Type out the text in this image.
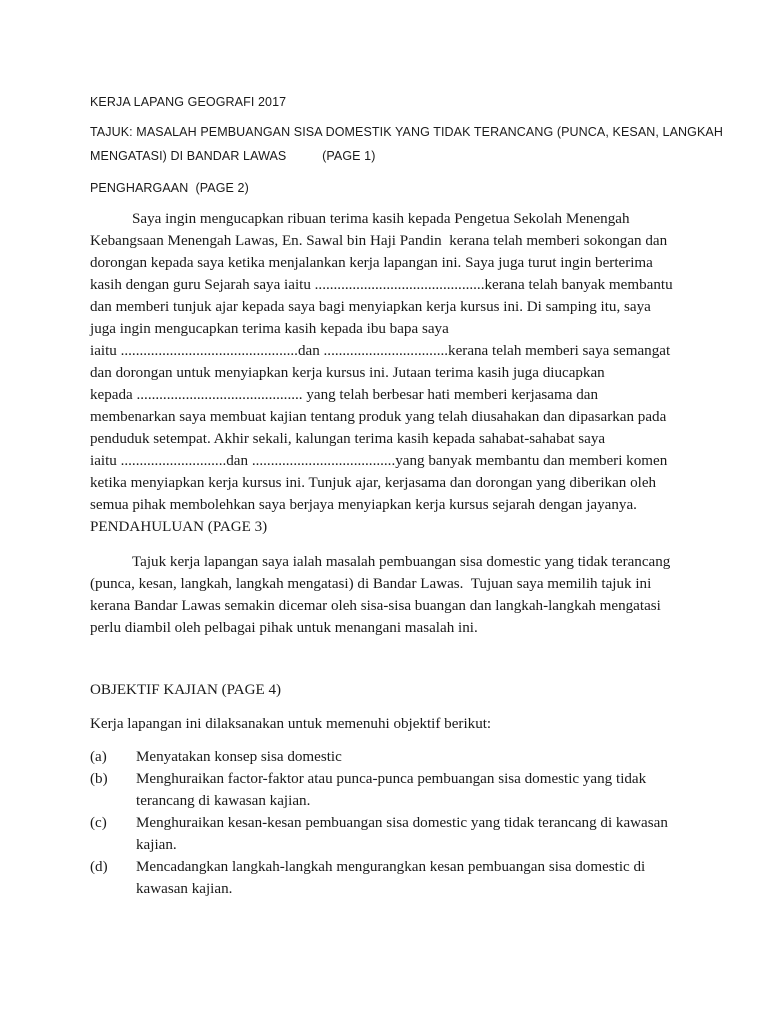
KERJA LAPANG GEOGRAFI 2017
TAJUK: MASALAH PEMBUANGAN SISA DOMESTIK YANG TIDAK TERANCANG (PUNCA, KESAN, LANGKAH
MENGATASI) DI BANDAR LAWAS          (PAGE 1)
PENGHARGAAN  (PAGE 2)
Saya ingin mengucapkan ribuan terima kasih kepada Pengetua Sekolah Menengah
Kebangsaan Menengah Lawas, En. Sawal bin Haji Pandin  kerana telah memberi sokongan dan
dorongan kepada saya ketika menjalankan kerja lapangan ini. Saya juga turut ingin berterima
kasih dengan guru Sejarah saya iaitu .............................................kerana telah banyak membantu
dan memberi tunjuk ajar kepada saya bagi menyiapkan kerja kursus ini. Di samping itu, saya
juga ingin mengucapkan terima kasih kepada ibu bapa saya
iaitu ...............................................dan .................................kerana telah memberi saya semangat
dan dorongan untuk menyiapkan kerja kursus ini. Jutaan terima kasih juga diucapkan
kepada ............................................ yang telah berbesar hati memberi kerjasama dan
membenarkan saya membuat kajian tentang produk yang telah diusahakan dan dipasarkan pada
penduduk setempat. Akhir sekali, kalungan terima kasih kepada sahabat-sahabat saya
iaitu ............................dan ......................................yang banyak membantu dan memberi komen
ketika menyiapkan kerja kursus ini. Tunjuk ajar, kerjasama dan dorongan yang diberikan oleh
semua pihak membolehkan saya berjaya menyiapkan kerja kursus sejarah dengan jayanya.
PENDAHULUAN (PAGE 3)
Tajuk kerja lapangan saya ialah masalah pembuangan sisa domestic yang tidak terancang
(punca, kesan, langkah, langkah mengatasi) di Bandar Lawas.  Tujuan saya memilih tajuk ini
kerana Bandar Lawas semakin dicemar oleh sisa-sisa buangan dan langkah-langkah mengatasi
perlu diambil oleh pelbagai pihak untuk menangani masalah ini.
OBJEKTIF KAJIAN (PAGE 4)
Kerja lapangan ini dilaksanakan untuk memenuhi objektif berikut:
(a) Menyatakan konsep sisa domestic
(b) Menghuraikan factor-faktor atau punca-punca pembuangan sisa domestic yang tidak
terancang di kawasan kajian.
(c) Menghuraikan kesan-kesan pembuangan sisa domestic yang tidak terancang di kawasan
kajian.
(d) Mencadangkan langkah-langkah mengurangkan kesan pembuangan sisa domestic di
kawasan kajian.
